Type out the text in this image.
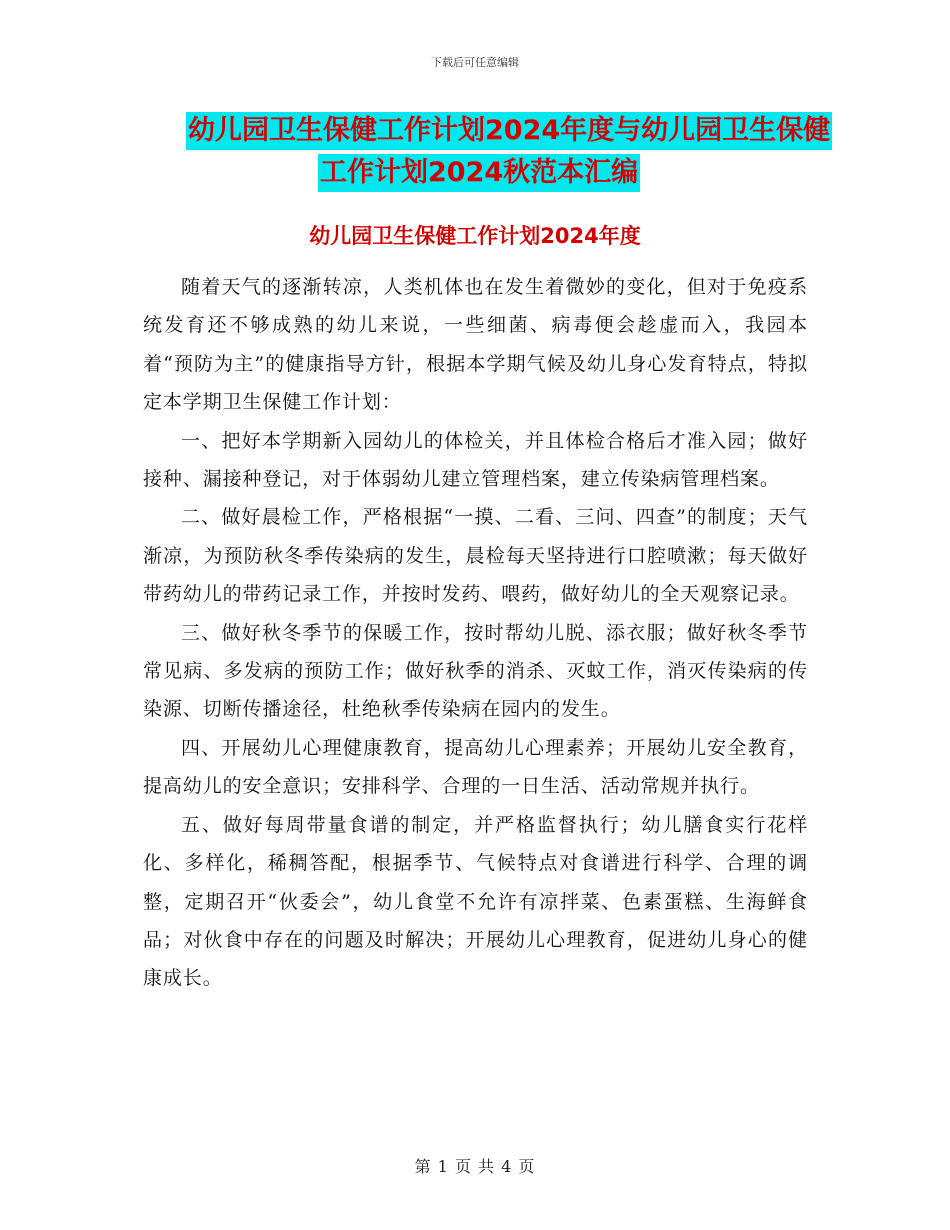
下载后可任意编辑
幼儿园卫生保健工作计划2024年度与幼儿园卫生保健
工作计划2024秋范本汇编
幼儿园卫生保健工作计划2024年度

随着天气的逐渐转凉，人类机体也在发生着微妙的变化，但对于免疫系统发育还不够成熟的幼儿来说，一些细菌、病毒便会趁虚而入，我园本着“预防为主”的健康指导方针，根据本学期气候及幼儿身心发育特点，特拟定本学期卫生保健工作计划：

一、把好本学期新入园幼儿的体检关，并且体检合格后才准入园；做好接种、漏接种登记，对于体弱幼儿建立管理档案，建立传染病管理档案。

二、做好晨检工作，严格根据“一摸、二看、三问、四查”的制度；天气渐凉，为预防秋冬季传染病的发生，晨检每天坚持进行口腔喷漱；每天做好带药幼儿的带药记录工作，并按时发药、喂药，做好幼儿的全天观察记录。

三、做好秋冬季节的保暖工作，按时帮幼儿脱、添衣服；做好秋冬季节常见病、多发病的预防工作；做好秋季的消杀、灭蚊工作，消灭传染病的传染源、切断传播途径，杜绝秋季传染病在园内的发生。

四、开展幼儿心理健康教育，提高幼儿心理素养；开展幼儿安全教育，提高幼儿的安全意识；安排科学、合理的一日生活、活动常规并执行。

五、做好每周带量食谱的制定，并严格监督执行；幼儿膳食实行花样化、多样化，稀稠答配，根据季节、气候特点对食谱进行科学、合理的调整，定期召开“伙委会”，幼儿食堂不允许有凉拌菜、色素蛋糕、生海鲜食品；对伙食中存在的问题及时解决；开展幼儿心理教育，促进幼儿身心的健康成长。

第 1 页 共 4 页
